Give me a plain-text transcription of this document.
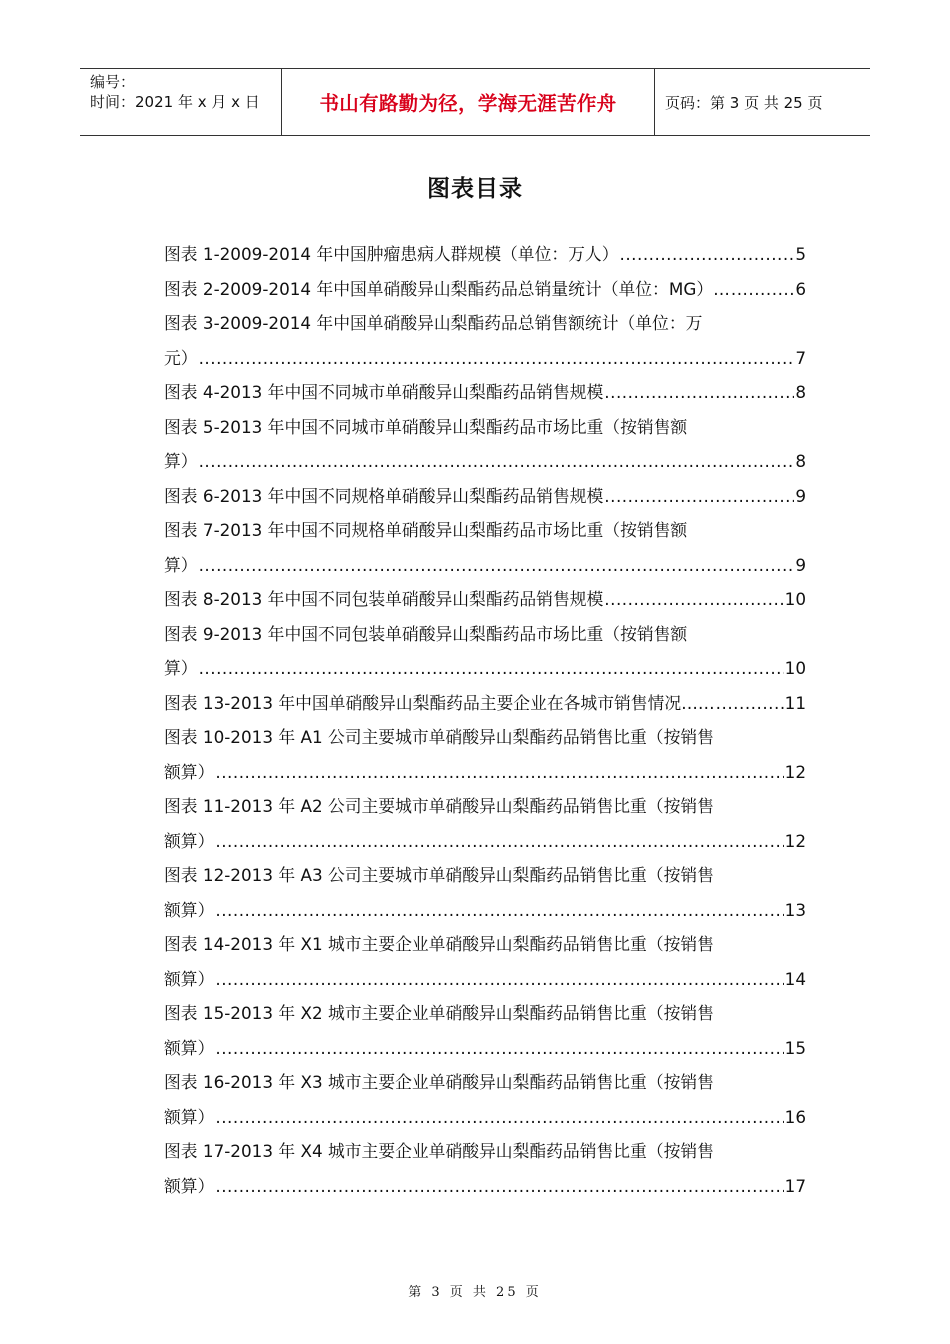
编号：
时间：2021 年 x 月 x 日	书山有路勤为径，学海无涯苦作舟	页码：第 3 页 共 25 页
图表目录
图表 1-2009-2014 年中国肿瘤患病人群规模（单位：万人） .....	5
图表 2-2009-2014 年中国单硝酸异山梨酯药品总销量统计（单位：MG）… .....	6
图表 3-2009-2014 年中国单硝酸异山梨酯药品总销售额统计（单位：万
元） .....	7
图表 4-2013 年中国不同城市单硝酸异山梨酯药品销售规模 .....	8
图表 5-2013 年中国不同城市单硝酸异山梨酯药品市场比重（按销售额
算） .....	8
图表 6-2013 年中国不同规格单硝酸异山梨酯药品销售规模 .....	9
图表 7-2013 年中国不同规格单硝酸异山梨酯药品市场比重（按销售额
算） .....	9
图表 8-2013 年中国不同包装单硝酸异山梨酯药品销售规模 .....	10
图表 9-2013 年中国不同包装单硝酸异山梨酯药品市场比重（按销售额
算） .....	10
图表 13-2013 年中国单硝酸异山梨酯药品主要企业在各城市销售情况…… .....	11
图表 10-2013 年 A1 公司主要城市单硝酸异山梨酯药品销售比重（按销售
额算） .....	12
图表 11-2013 年 A2 公司主要城市单硝酸异山梨酯药品销售比重（按销售
额算） .....	12
图表 12-2013 年 A3 公司主要城市单硝酸异山梨酯药品销售比重（按销售
额算） .....	13
图表 14-2013 年 X1 城市主要企业单硝酸异山梨酯药品销售比重（按销售
额算） .....	14
图表 15-2013 年 X2 城市主要企业单硝酸异山梨酯药品销售比重（按销售
额算） .....	15
图表 16-2013 年 X3 城市主要企业单硝酸异山梨酯药品销售比重（按销售
额算） .....	16
图表 17-2013 年 X4 城市主要企业单硝酸异山梨酯药品销售比重（按销售
额算） .....	17
第 3 页 共 25 页
